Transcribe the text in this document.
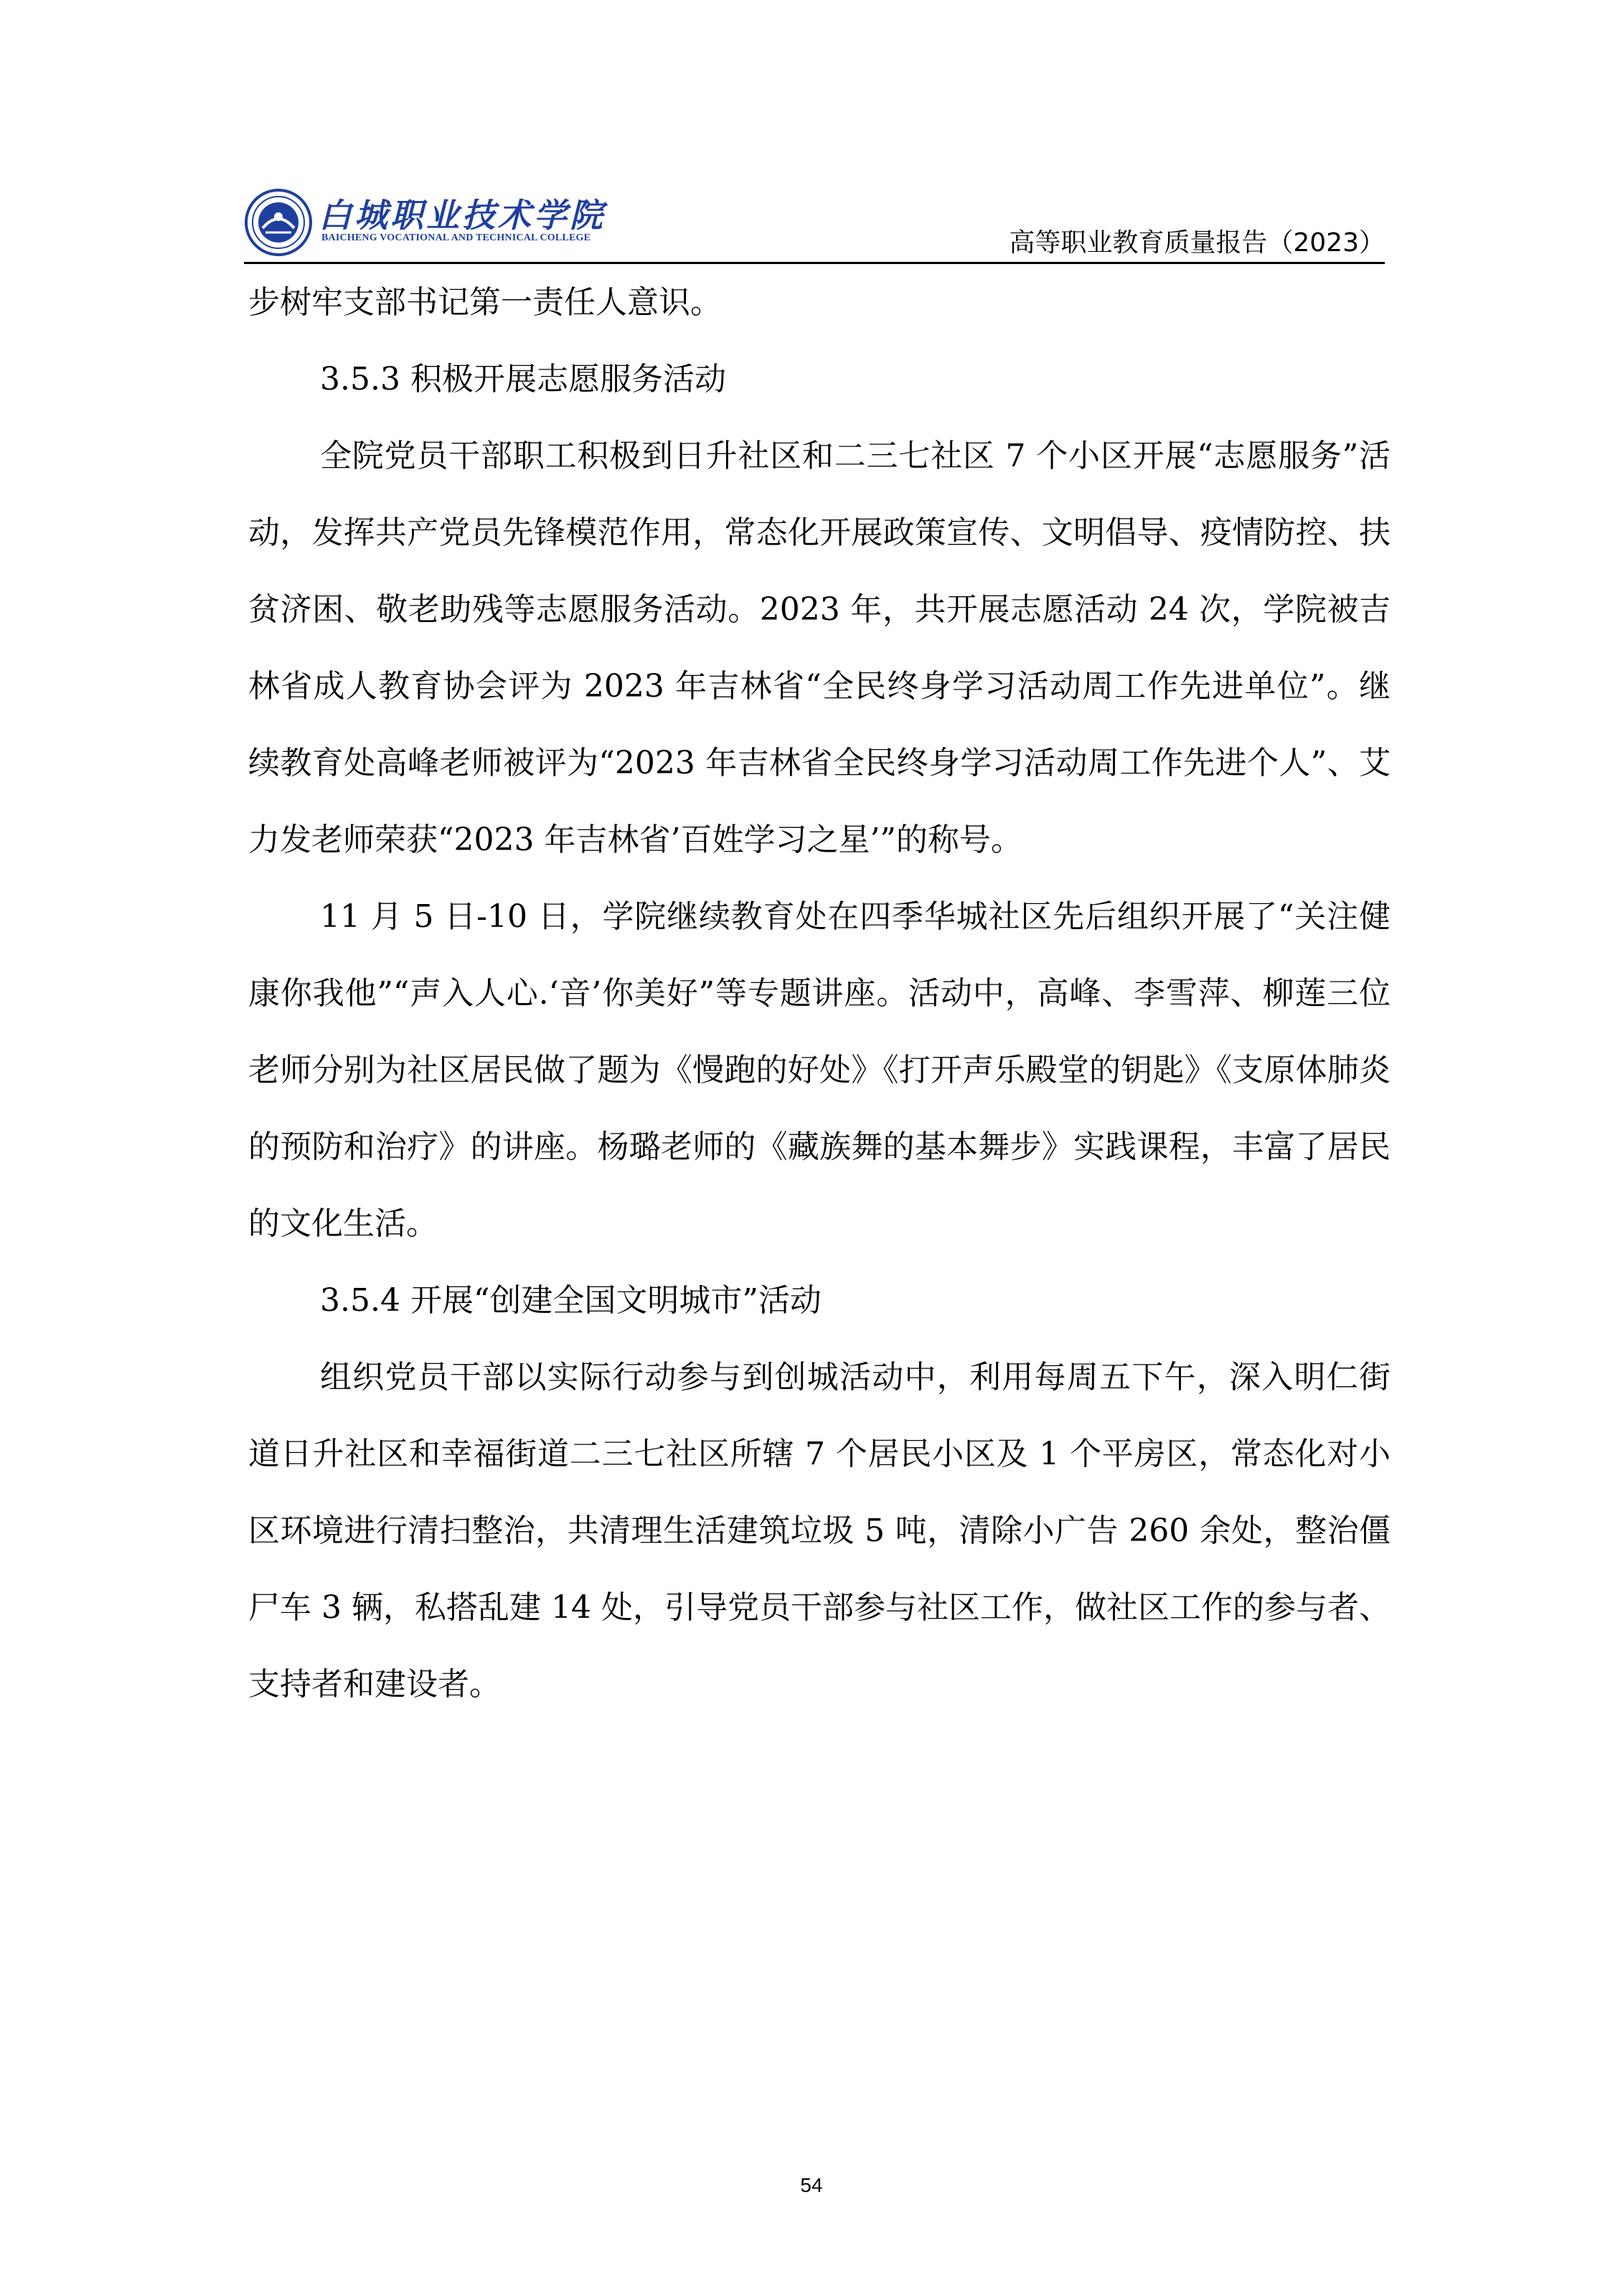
白城职业技术学院
BAICHENG VOCATIONAL AND TECHNICAL COLLEGE	高等职业教育质量报告（2023）

步树牢支部书记第一责任人意识。

3.5.3 积极开展志愿服务活动

全院党员干部职工积极到日升社区和二三七社区 7 个小区开展“志愿服务”活动，发挥共产党员先锋模范作用，常态化开展政策宣传、文明倡导、疫情防控、扶贫济困、敬老助残等志愿服务活动。2023 年，共开展志愿活动 24 次，学院被吉林省成人教育协会评为 2023 年吉林省“全民终身学习活动周工作先进单位”。继续教育处高峰老师被评为“2023 年吉林省全民终身学习活动周工作先进个人”、艾力发老师荣获“2023 年吉林省’百姓学习之星’”的称号。

11 月 5 日-10 日，学院继续教育处在四季华城社区先后组织开展了“关注健康你我他”“声入人心.‘音’你美好”等专题讲座。活动中，高峰、李雪萍、柳莲三位老师分别为社区居民做了题为《慢跑的好处》《打开声乐殿堂的钥匙》《支原体肺炎的预防和治疗》的讲座。杨璐老师的《藏族舞的基本舞步》实践课程，丰富了居民的文化生活。

3.5.4 开展“创建全国文明城市”活动

组织党员干部以实际行动参与到创城活动中，利用每周五下午，深入明仁街道日升社区和幸福街道二三七社区所辖 7 个居民小区及 1 个平房区，常态化对小区环境进行清扫整治，共清理生活建筑垃圾 5 吨，清除小广告 260 余处，整治僵尸车 3 辆，私搭乱建 14 处，引导党员干部参与社区工作，做社区工作的参与者、支持者和建设者。

54
